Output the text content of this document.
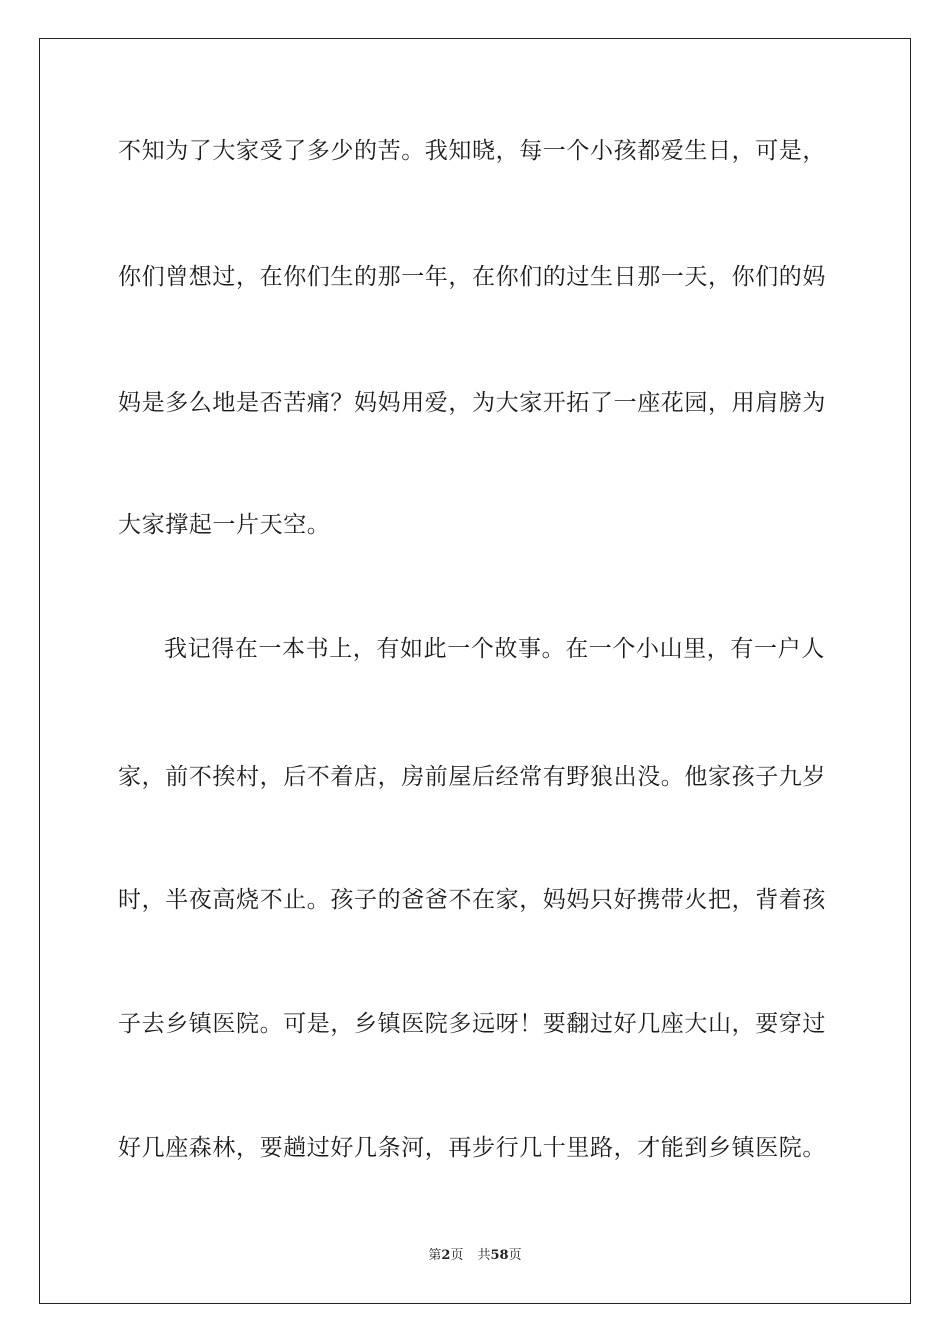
不知为了大家受了多少的苦。我知晓，每一个小孩都爱生日，可是，
你们曾想过，在你们生的那一年，在你们的过生日那一天，你们的妈
妈是多么地是否苦痛？妈妈用爱，为大家开拓了一座花园，用肩膀为
大家撑起一片天空。
我记得在一本书上，有如此一个故事。在一个小山里，有一户人
家，前不挨村，后不着店，房前屋后经常有野狼出没。他家孩子九岁
时，半夜高烧不止。孩子的爸爸不在家，妈妈只好携带火把，背着孩
子去乡镇医院。可是，乡镇医院多远呀！要翻过好几座大山，要穿过
好几座森林，要趟过好几条河，再步行几十里路，才能到乡镇医院。
第2页 共58页
